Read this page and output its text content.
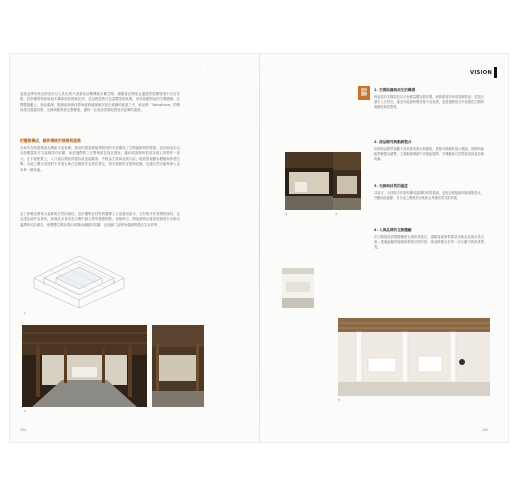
. . .
這座品牌形象店的設計以人性化的尺度重新詮釋傳統木構空間，讓顧客在開放且通透的展陳環境中自在穿梭；設計團隊保留原始木構架的紋理與比例，並以輕盈的白色量體穿插其間，形成新舊對話的空間關係。在整體規劃上，商品動線、服務區域與休憩角落被細緻地安排在連續的廊道之中，使品牌「Yakushima」的精神得以透過材質、光線與節奏被完整傳達，讓每一位來訪者都能感受到品牌的溫度。
把權衡構成，融和傳統的展陳與建築
本案所在的建築原為傳統木造倉庫，挑高的屋架與規律排列的木柱構成了空間最鮮明的特徵。設計師並未以全面覆蓋的方式處理原有結構，而是選擇將之完整保留並加以強化，讓斜屋頂與桁架成為展示背景的一部分。在平面配置上，入口處以開放的接待區迎接顧客，中段為主要商品展示區，後段則規劃為體驗與休憩空間；各區之間以低矮的木作展台與白色隔屏作為柔性界定，保有視線的穿透與延續，也讓自然光能夠深入室內每一個角落。
為了呼應品牌來自森林與自然的調性，設計團隊在材料的選擇上大量運用原木、石材與手作質感的塗料，並以淺色調作為基底，使商品本身成為空間中最主要的視覺焦點。夜晚時分，間接照明沿著屋架與展台勾勒出溫潤的光影層次，使整體空間呈現出寧靜而細膩的氛圍，也延續了品牌所強調的慢活生活哲學。
1
2
104
. . .
VISION
設計
重點
1. 空間結構與再生的轉譯
保留原有木構架並以白色輕量體穿插其間，使新舊材料形成清晰對話；屋頂天窗引入自然光，讓室內隨著時間呈現不同表情，並透過開放式平面強化空間的連續性與穿透感。
2. 商品陳列與動線整合
依照商品類型規劃不同高度的展台與層架，搭配可移動的展示模組，使陳列能隨季節靈活調整；主要動線環繞中央展區展開，引導顧客自然停留並探索各個角落。
3. 光線與材質的溫度
以原木、石材與手作塗料構成溫潤的材質基調，並配合間接照明與重點投光，突顯商品細節；在日夜之間營造出柔和且具層次的光影效果。
4. 人與品牌的互動體驗
在空間後段設置體驗吧台與休憩座位，讓顧客能夠實際試用商品並與店員交流；透過細膩的服務流程與空間安排，使品牌理念在每一次互動中被真實感受。
3	4
5
105
